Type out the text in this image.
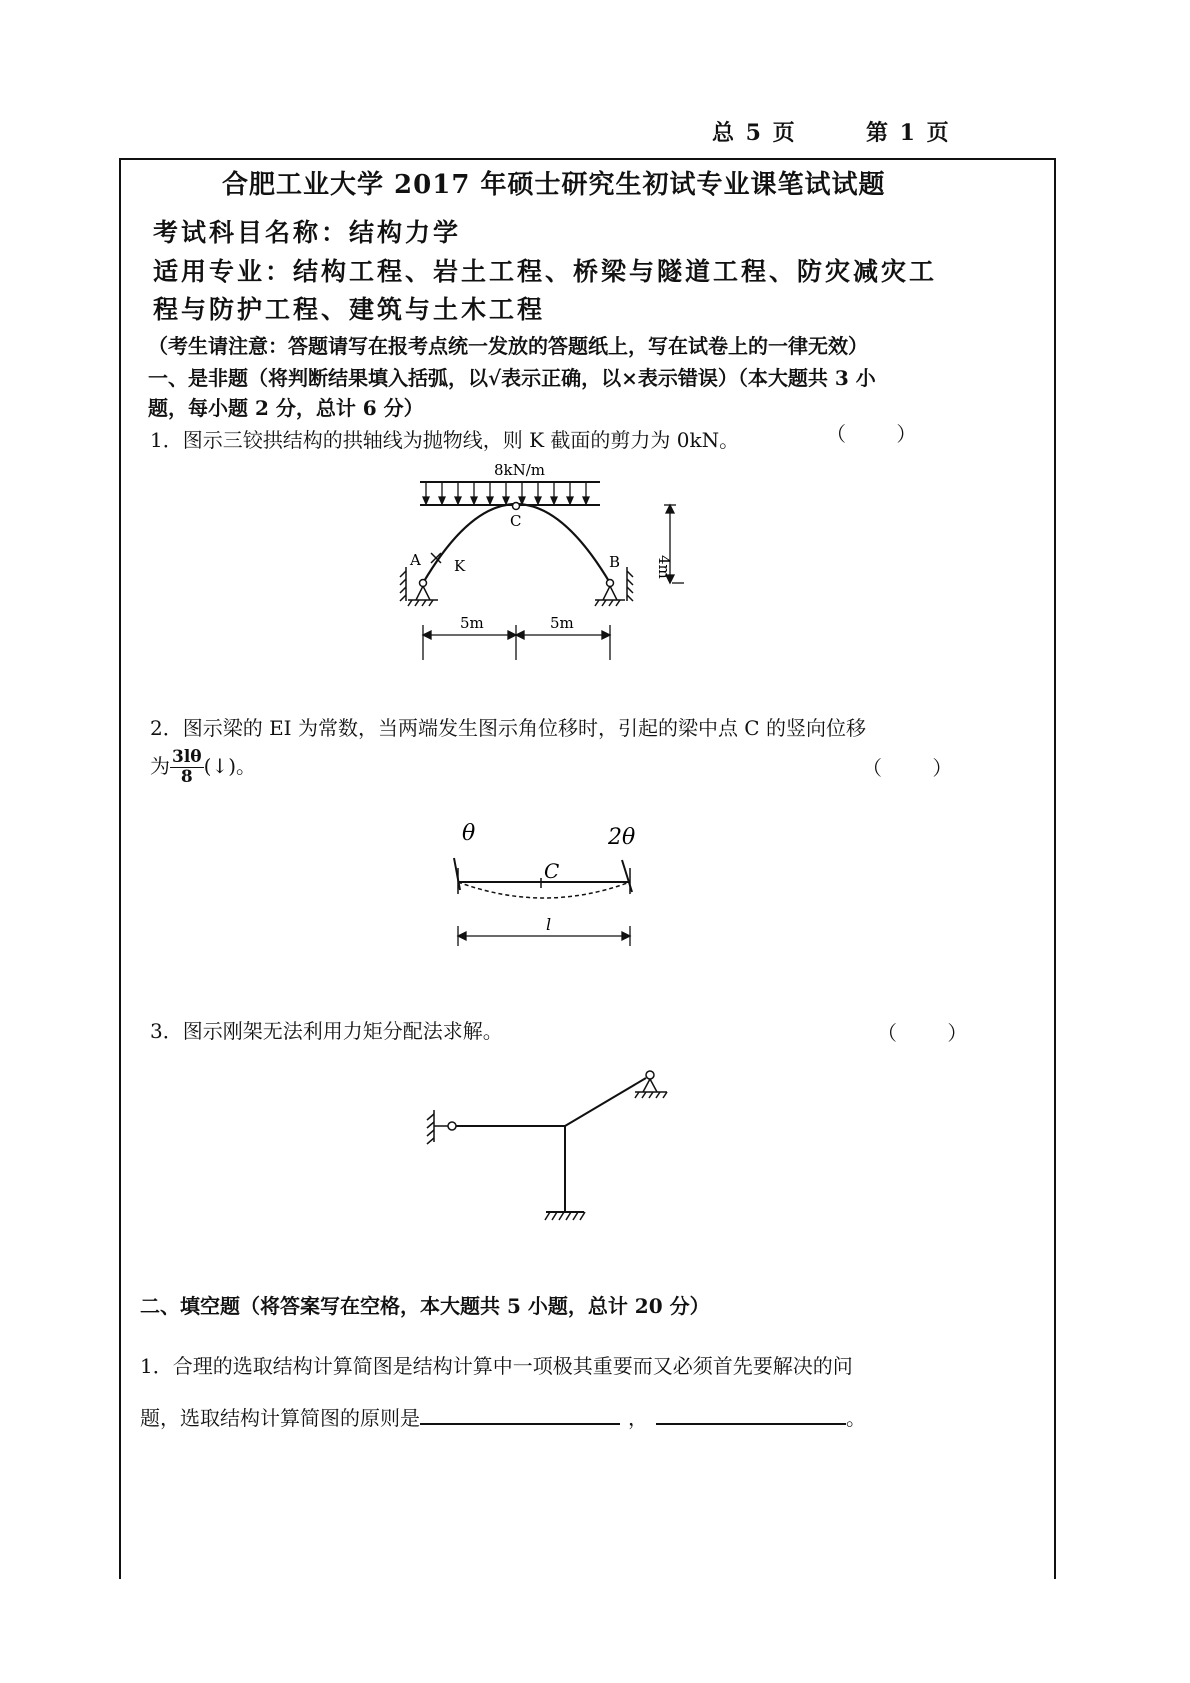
总 5 页	第 1 页
合肥工业大学 2017 年硕士研究生初试专业课笔试试题
考试科目名称：结构力学
适用专业：结构工程、岩土工程、桥梁与隧道工程、防灾减灾工
程与防护工程、建筑与土木工程
（考生请注意：答题请写在报考点统一发放的答题纸上，写在试卷上的一律无效）
一、是非题（将判断结果填入括弧，以√表示正确，以×表示错误）（本大题共 3 小
题，每小题 2 分，总计 6 分）
1．图示三铰拱结构的拱轴线为抛物线，则 K 截面的剪力为 0kN。	（ ）
8kN/m
C
A	B
K	4m
5m	5m
2．图示梁的 EI 为常数，当两端发生图示角位移时，引起的梁中点 C 的竖向位移
为 $\frac{3l\theta}{8}$ (↓)。	（ ）
θ	2θ
C
l
3．图示刚架无法利用力矩分配法求解。	（ ）
二、填空题（将答案写在空格，本大题共 5 小题，总计 20 分）
1．合理的选取结构计算简图是结构计算中一项极其重要而又必须首先要解决的问
题，选取结构计算简图的原则是	，	。
